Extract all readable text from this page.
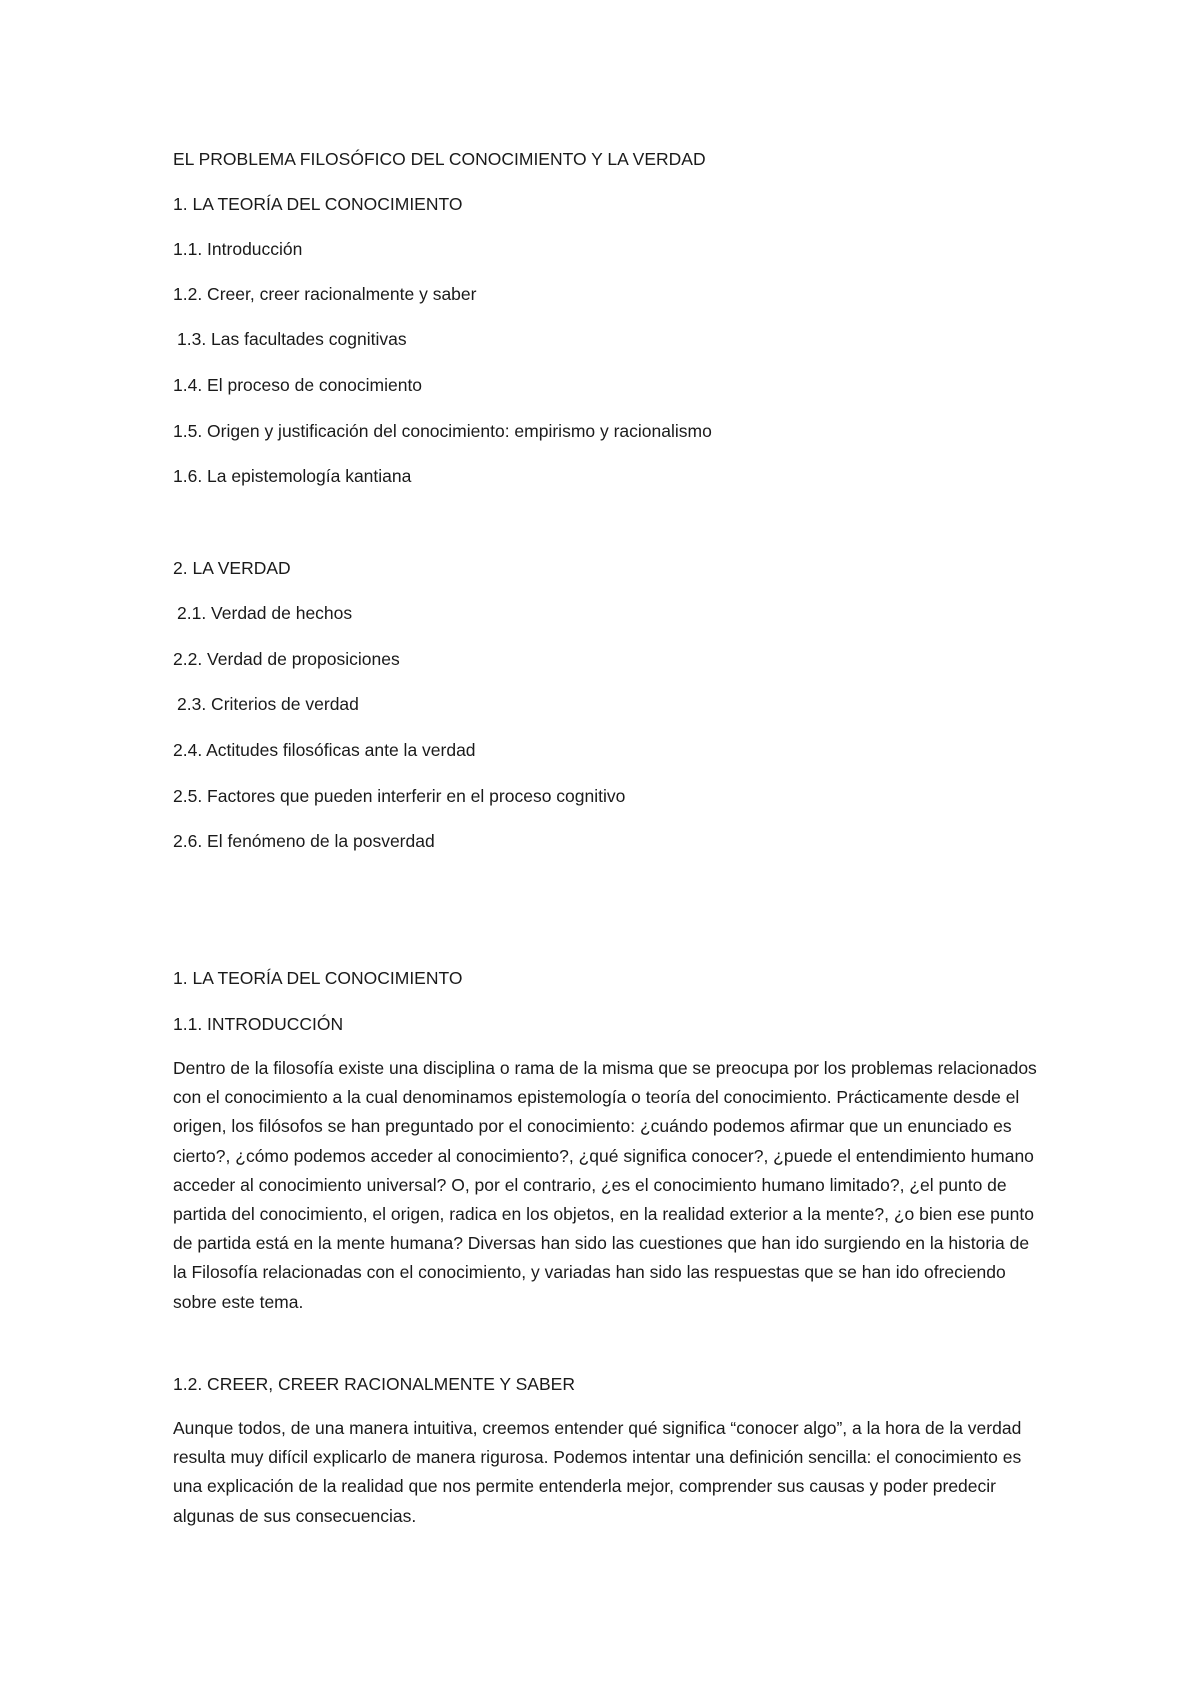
EL PROBLEMA FILOSÓFICO DEL CONOCIMIENTO Y LA VERDAD

1. LA TEORÍA DEL CONOCIMIENTO

1.1. Introducción

1.2. Creer, creer racionalmente y saber

1.3. Las facultades cognitivas

1.4. El proceso de conocimiento

1.5. Origen y justificación del conocimiento: empirismo y racionalismo

1.6. La epistemología kantiana

2. LA VERDAD

2.1. Verdad de hechos

2.2. Verdad de proposiciones

2.3. Criterios de verdad

2.4. Actitudes filosóficas ante la verdad

2.5. Factores que pueden interferir en el proceso cognitivo

2.6. El fenómeno de la posverdad

1. LA TEORÍA DEL CONOCIMIENTO

1.1. INTRODUCCIÓN

Dentro de la filosofía existe una disciplina o rama de la misma que se preocupa por los problemas relacionados con el conocimiento a la cual denominamos epistemología o teoría del conocimiento. Prácticamente desde el origen, los filósofos se han preguntado por el conocimiento: ¿cuándo podemos afirmar que un enunciado es cierto?, ¿cómo podemos acceder al conocimiento?, ¿qué significa conocer?, ¿puede el entendimiento humano acceder al conocimiento universal? O, por el contrario, ¿es el conocimiento humano limitado?, ¿el punto de partida del conocimiento, el origen, radica en los objetos, en la realidad exterior a la mente?, ¿o bien ese punto de partida está en la mente humana? Diversas han sido las cuestiones que han ido surgiendo en la historia de la Filosofía relacionadas con el conocimiento, y variadas han sido las respuestas que se han ido ofreciendo sobre este tema.

1.2. CREER, CREER RACIONALMENTE Y SABER

Aunque todos, de una manera intuitiva, creemos entender qué significa “conocer algo”, a la hora de la verdad resulta muy difícil explicarlo de manera rigurosa. Podemos intentar una definición sencilla: el conocimiento es una explicación de la realidad que nos permite entenderla mejor, comprender sus causas y poder predecir algunas de sus consecuencias.
